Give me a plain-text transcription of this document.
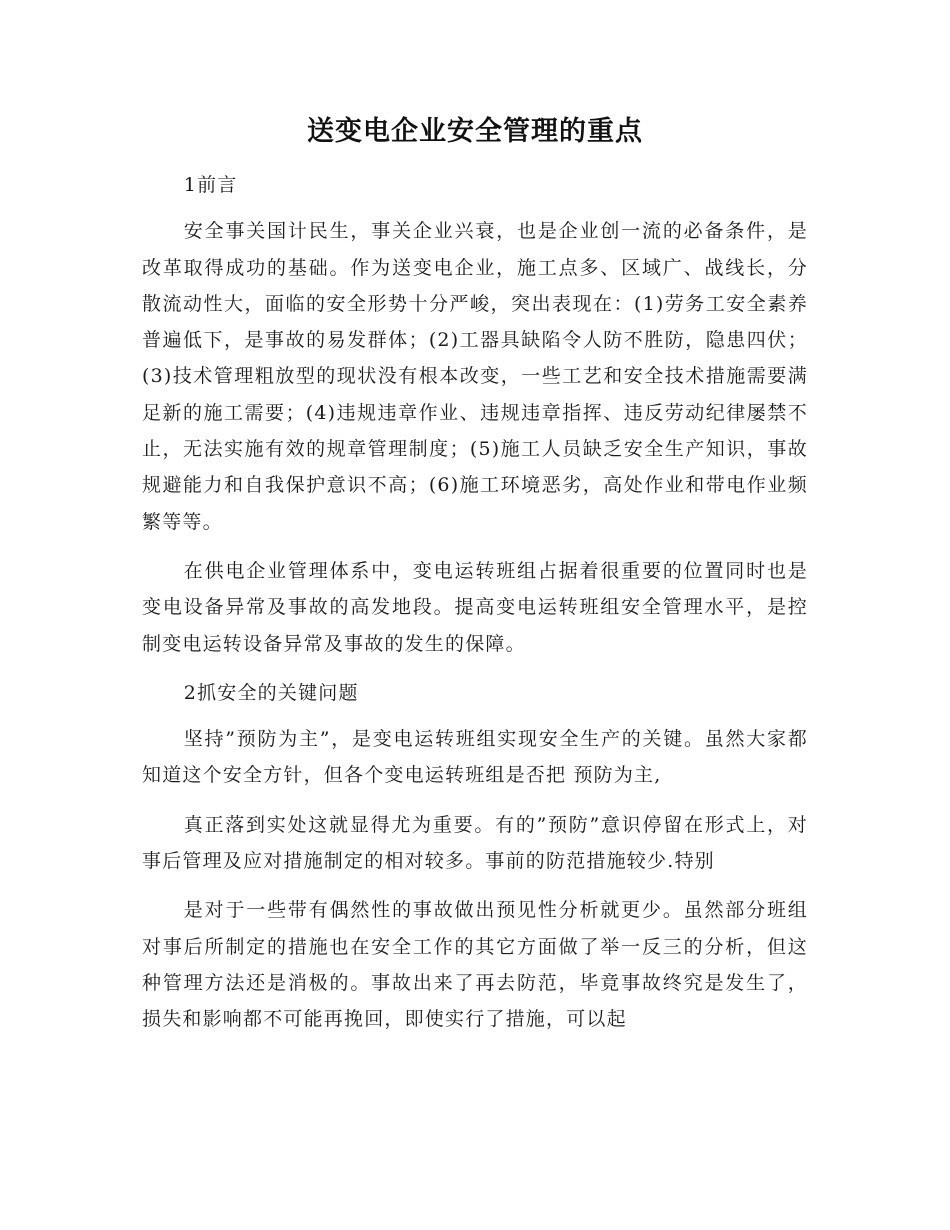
送变电企业安全管理的重点

1前言

安全事关国计民生，事关企业兴衰，也是企业创一流的必备条件，是改革取得成功的基础。作为送变电企业，施工点多、区域广、战线长，分散流动性大，面临的安全形势十分严峻，突出表现在：(1)劳务工安全素养普遍低下，是事故的易发群体；(2)工器具缺陷令人防不胜防，隐患四伏；(3)技术管理粗放型的现状没有根本改变，一些工艺和安全技术措施需要满足新的施工需要；(4)违规违章作业、违规违章指挥、违反劳动纪律屡禁不止，无法实施有效的规章管理制度；(5)施工人员缺乏安全生产知识，事故规避能力和自我保护意识不高；(6)施工环境恶劣，高处作业和带电作业频繁等等。

在供电企业管理体系中，变电运转班组占据着很重要的位置同时也是变电设备异常及事故的高发地段。提高变电运转班组安全管理水平，是控制变电运转设备异常及事故的发生的保障。

2抓安全的关键问题

坚持”预防为主”，是变电运转班组实现安全生产的关键。虽然大家都知道这个安全方针，但各个变电运转班组是否把 预防为主,

真正落到实处这就显得尤为重要。有的”预防”意识停留在形式上，对事后管理及应对措施制定的相对较多。事前的防范措施较少.特别

是对于一些带有偶然性的事故做出预见性分析就更少。虽然部分班组对事后所制定的措施也在安全工作的其它方面做了举一反三的分析，但这种管理方法还是消极的。事故出来了再去防范，毕竟事故终究是发生了，损失和影响都不可能再挽回，即使实行了措施，可以起
